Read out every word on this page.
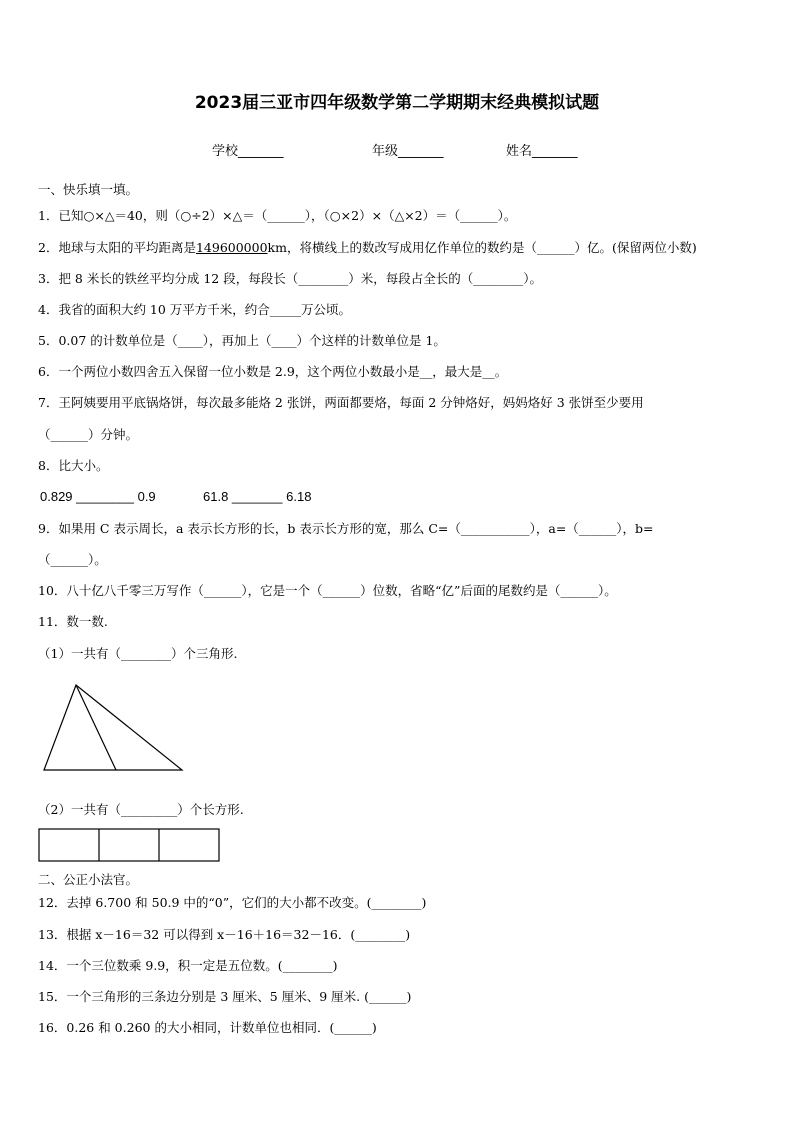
2023届三亚市四年级数学第二学期期末经典模拟试题
学校_______	年级_______	姓名_______
一、快乐填一填。
1．已知○×△＝40，则（○÷2）×△＝（______），（○×2）×（△×2）＝（______）。
2．地球与太阳的平均距离是149600000km，将横线上的数改写成用亿作单位的数约是（______）亿。(保留两位小数)
3．把 8 米长的铁丝平均分成 12 段，每段长（________）米，每段占全长的（________）。
4．我省的面积大约 10 万平方千米，约合_____万公顷。
5．0.07 的计数单位是（____），再加上（____）个这样的计数单位是 1。
6．一个两位小数四舍五入保留一位小数是 2.9，这个两位小数最小是__，最大是__。
7．王阿姨要用平底锅烙饼，每次最多能烙 2 张饼，两面都要烙，每面 2 分钟烙好，妈妈烙好 3 张饼至少要用
（______）分钟。
8．比大小。
0.829 ________ 0.9	61.8 _______ 6.18
9．如果用 C 表示周长，a 表示长方形的长，b 表示长方形的宽，那么 C=（___________），a=（______），b=
（______）。
10．八十亿八千零三万写作（______），它是一个（______）位数，省略“亿”后面的尾数约是（______）。
11．数一数.
（1）一共有（________）个三角形.
（2）一共有（_________）个长方形.
二、公正小法官。
12．去掉 6.700 和 50.9 中的“0”，它们的大小都不改变。(________)
13．根据 x－16＝32 可以得到 x－16＋16＝32－16．(________)
14．一个三位数乘 9.9，积一定是五位数。(________)
15．一个三角形的三条边分别是 3 厘米、5 厘米、9 厘米. (______)
16．0.26 和 0.260 的大小相同，计数单位也相同．(______)
